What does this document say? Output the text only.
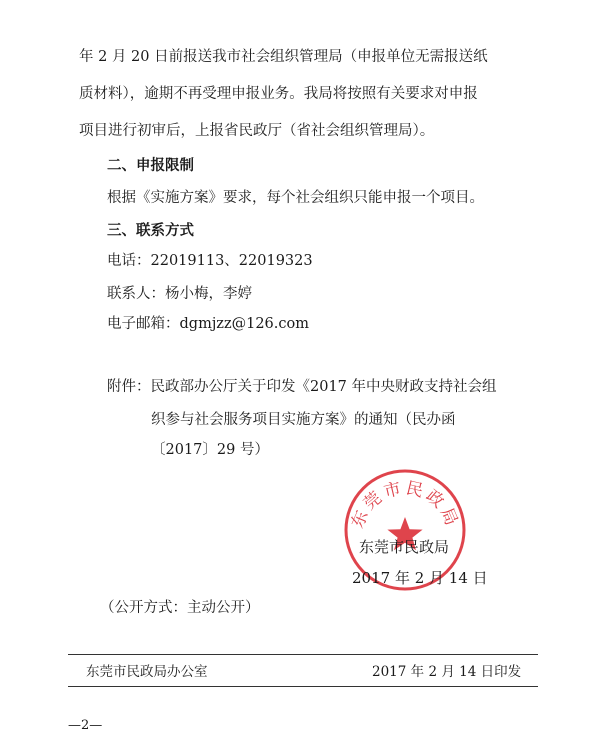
年 2 月 20 日前报送我市社会组织管理局（申报单位无需报送纸
质材料），逾期不再受理申报业务。我局将按照有关要求对申报
项目进行初审后，上报省民政厅（省社会组织管理局）。
二、申报限制
根据《实施方案》要求，每个社会组织只能申报一个项目。
三、联系方式
电话：22019113、22019323
联系人：杨小梅，李婷
电子邮箱：dgmjzz@126.com
附件：民政部办公厅关于印发《2017 年中央财政支持社会组
织参与社会服务项目实施方案》的通知（民办函
〔2017〕29 号）
东莞市民政局
东莞市民政局
2017 年 2 月 14 日
（公开方式：主动公开）
东莞市民政局办公室	2017 年 2 月 14 日印发
—2—
